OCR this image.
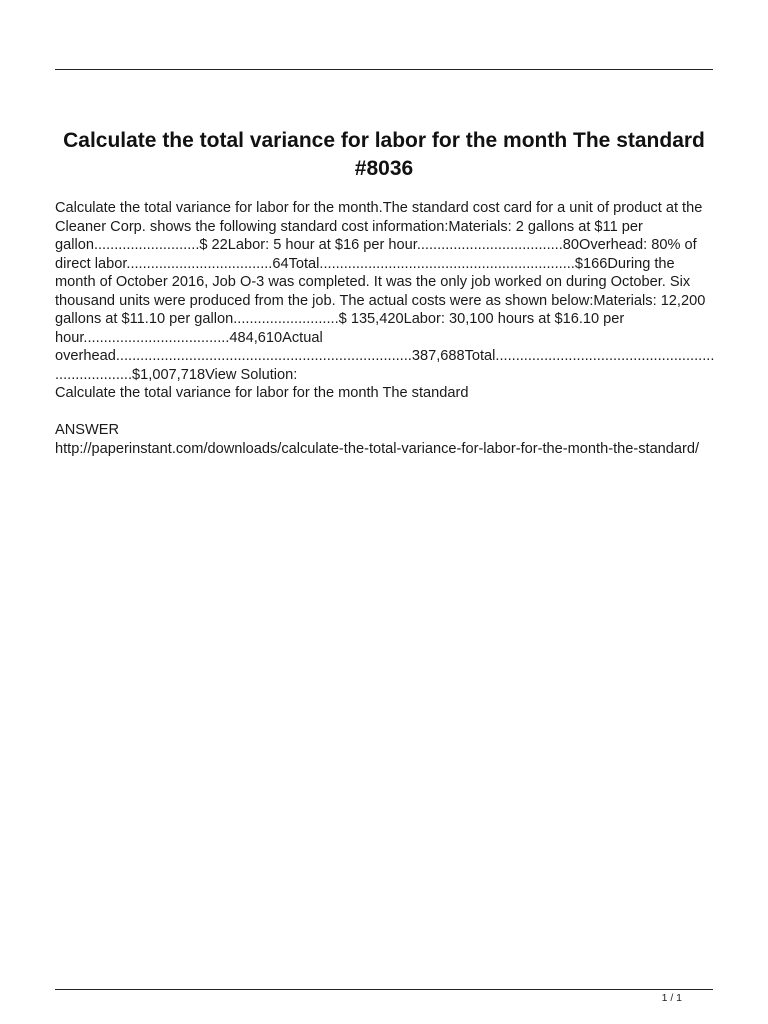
Calculate the total variance for labor for the month The standard #8036

Calculate the total variance for labor for the month.The standard cost card for a unit of product at the Cleaner Corp. shows the following standard cost information:Materials: 2 gallons at $11 per gallon..........................$ 22Labor: 5 hour at $16 per hour....................................80Overhead: 80% of direct labor....................................64Total...............................................................$166During the month of October 2016, Job O-3 was completed. It was the only job worked on during October. Six thousand units were produced from the job. The actual costs were as shown below:Materials: 12,200 gallons at $11.10 per gallon..........................$ 135,420Labor: 30,100 hours at $16.10 per hour....................................484,610Actual overhead.........................................................................387,688Total.........................................................................$1,007,718View Solution:

Calculate the total variance for labor for the month The standard

ANSWER

http://paperinstant.com/downloads/calculate-the-total-variance-for-labor-for-the-month-the-standard/

1 / 1
